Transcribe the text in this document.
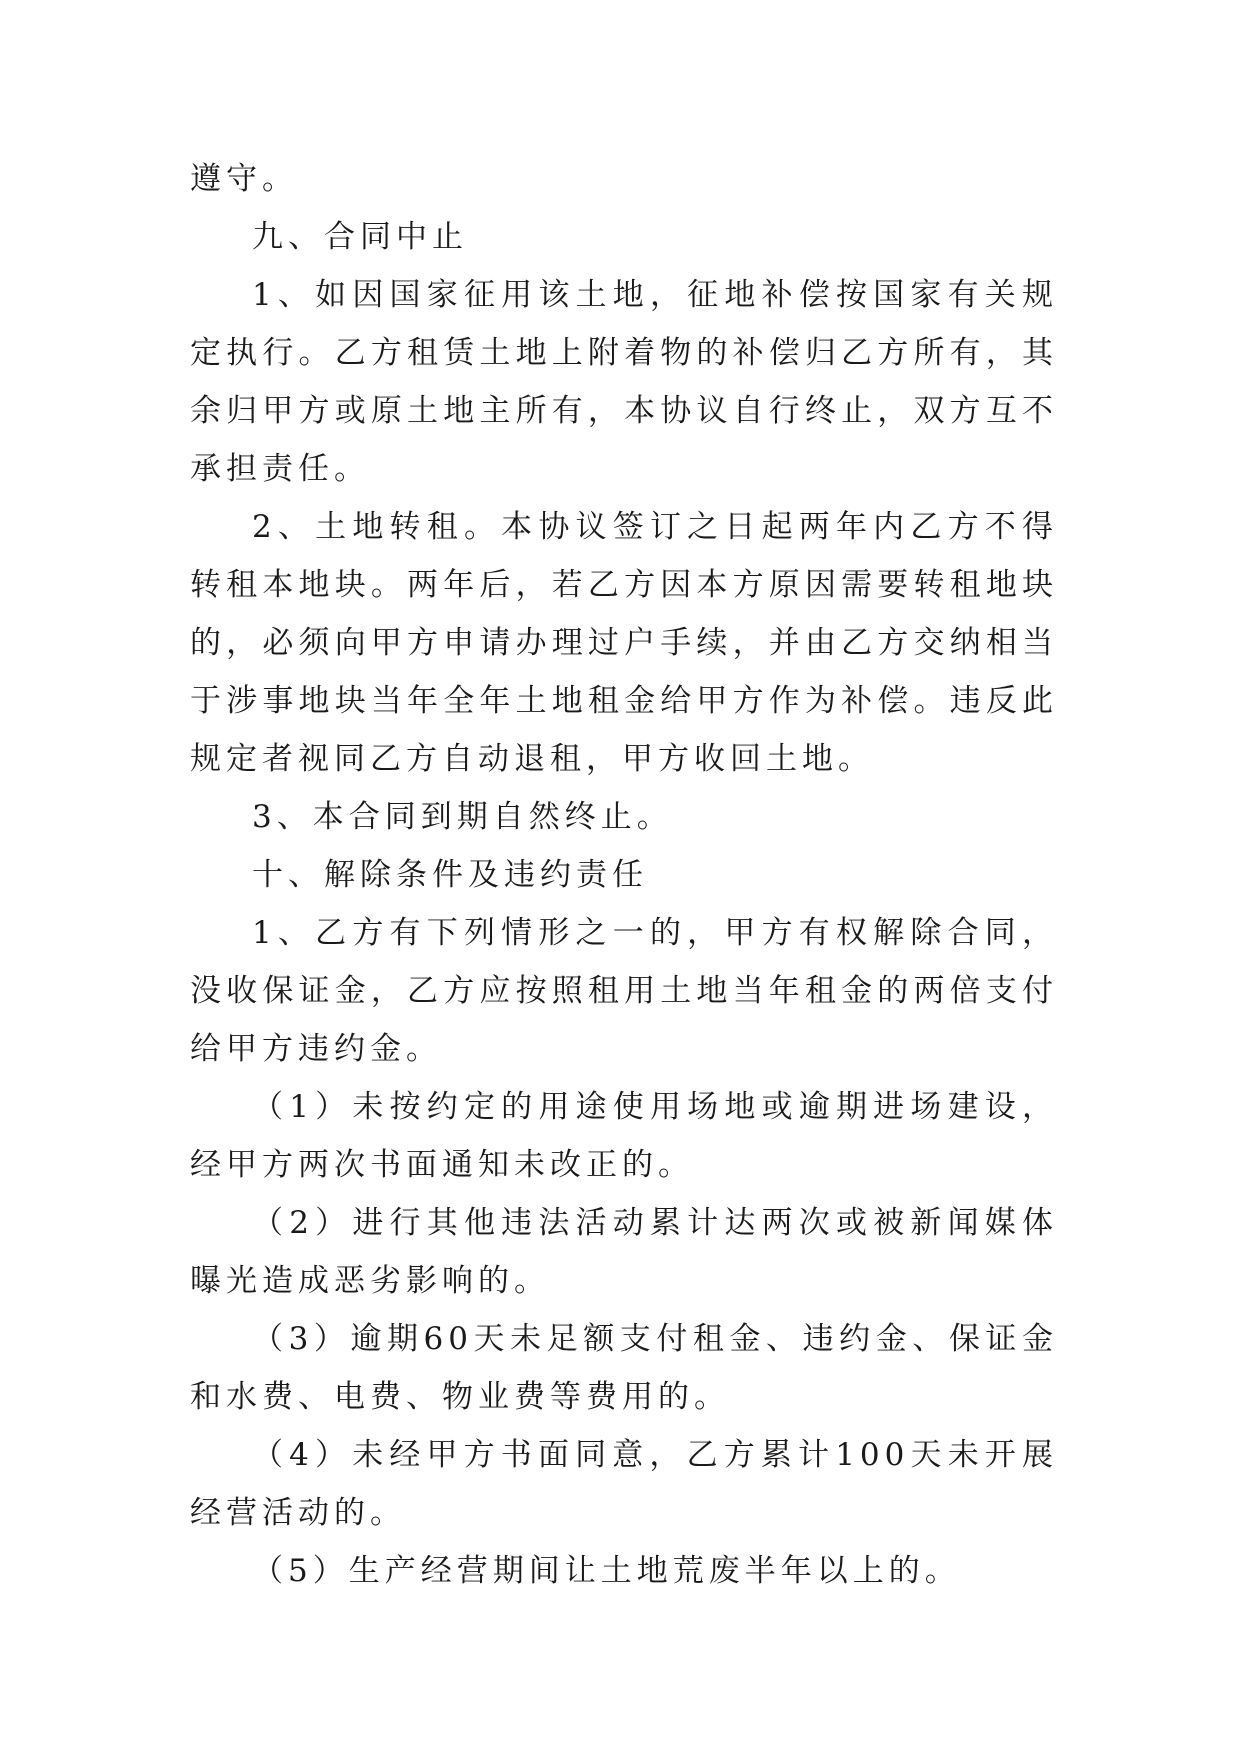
遵守。

九、合同中止

1、如因国家征用该土地，征地补偿按国家有关规定执行。乙方租赁土地上附着物的补偿归乙方所有，其余归甲方或原土地主所有，本协议自行终止，双方互不承担责任。

2、土地转租。本协议签订之日起两年内乙方不得转租本地块。两年后，若乙方因本方原因需要转租地块的，必须向甲方申请办理过户手续，并由乙方交纳相当于涉事地块当年全年土地租金给甲方作为补偿。违反此规定者视同乙方自动退租，甲方收回土地。

3、本合同到期自然终止。

十、解除条件及违约责任

1、乙方有下列情形之一的，甲方有权解除合同，没收保证金，乙方应按照租用土地当年租金的两倍支付给甲方违约金。

（1）未按约定的用途使用场地或逾期进场建设，经甲方两次书面通知未改正的。

（2）进行其他违法活动累计达两次或被新闻媒体曝光造成恶劣影响的。

（3）逾期60天未足额支付租金、违约金、保证金和水费、电费、物业费等费用的。

（4）未经甲方书面同意，乙方累计100天未开展经营活动的。

（5）生产经营期间让土地荒废半年以上的。
